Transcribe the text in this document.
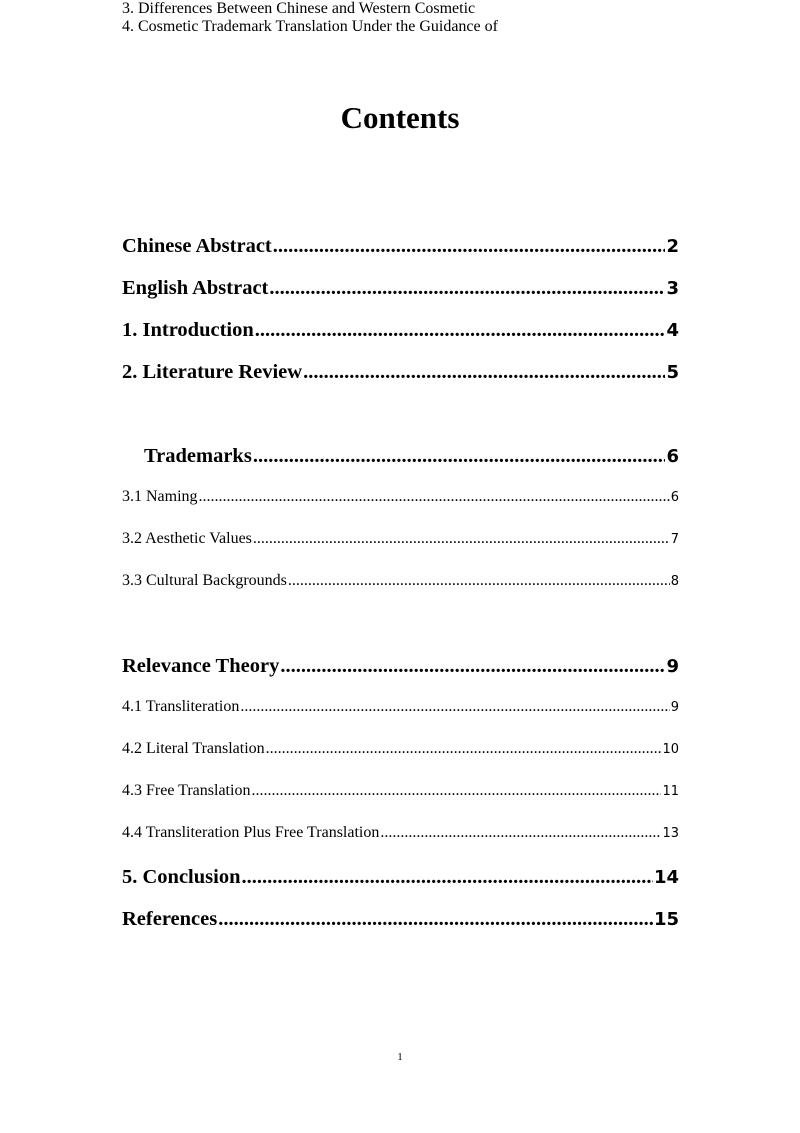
Contents
Chinese Abstract .....	2
English Abstract .....	3
1. Introduction .....	4
2. Literature Review .....	5
3. Differences Between Chinese and Western Cosmetic
Trademarks .....	6
3.1 Naming .....	6
3.2 Aesthetic Values .....	7
3.3 Cultural Backgrounds .....	8
4. Cosmetic Trademark Translation Under the Guidance of
Relevance Theory .....	9
4.1 Transliteration .....	9
4.2 Literal Translation .....	10
4.3 Free Translation .....	11
4.4 Transliteration Plus Free Translation .....	13
5. Conclusion .....	14
References .....	15
1
